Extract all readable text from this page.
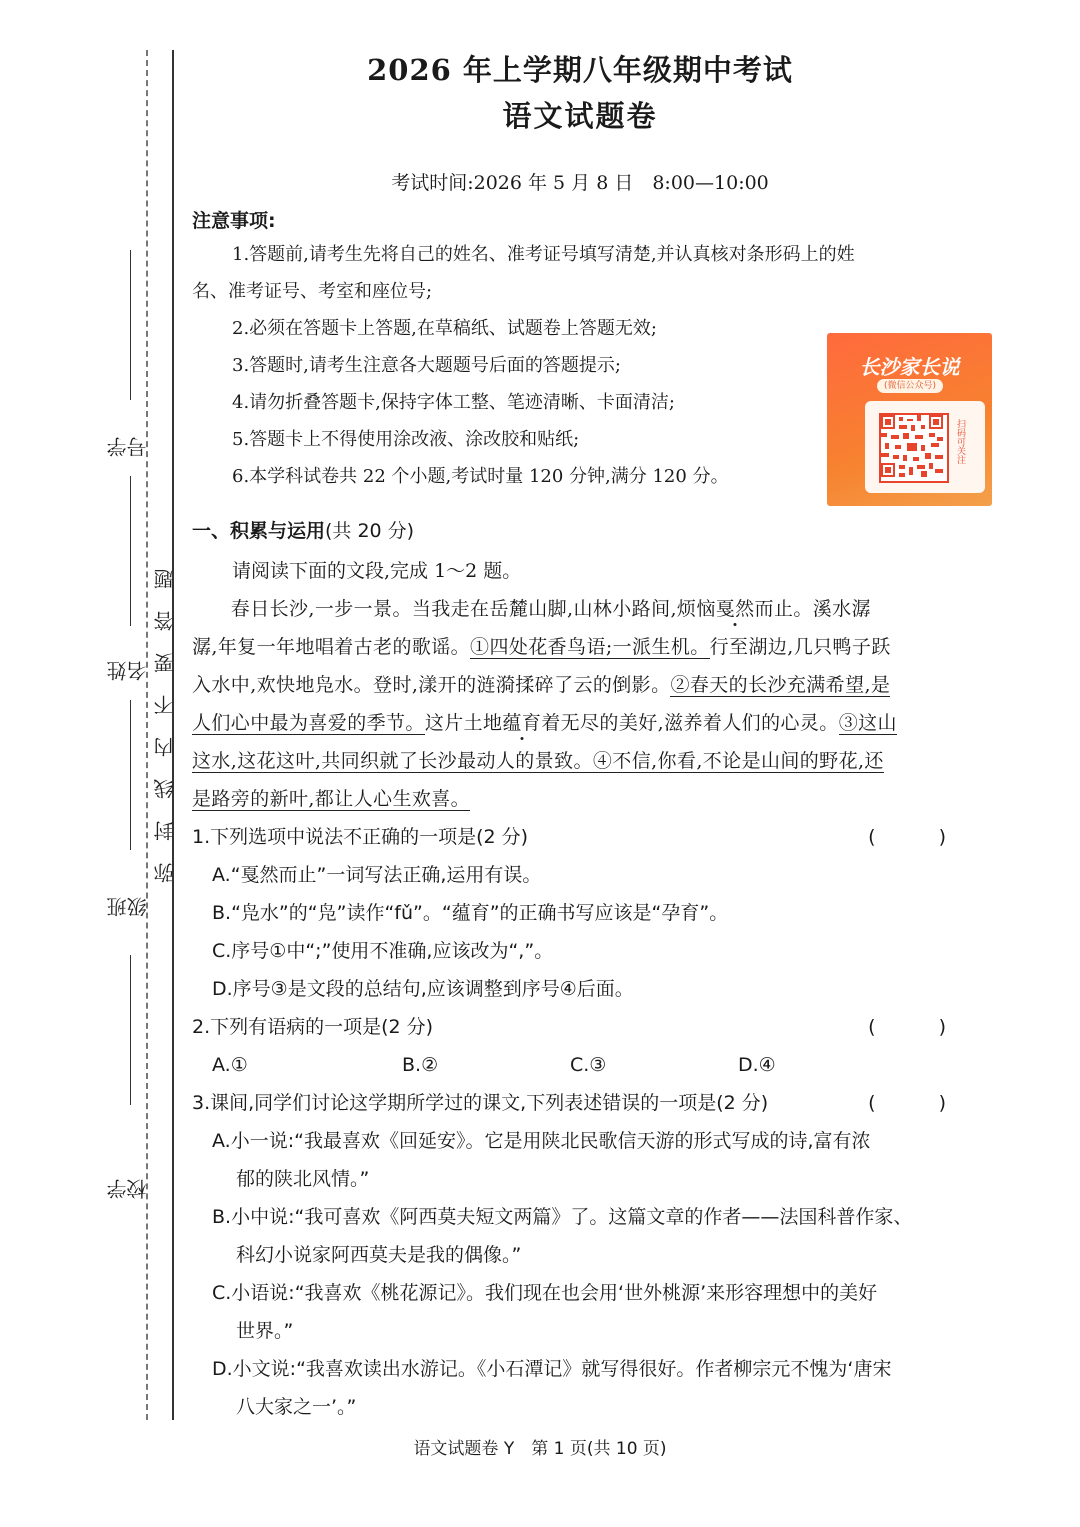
学号
姓名
班级
学校
弥封线内不要答题
2026 年上学期八年级期中考试
语文试题卷
考试时间:2026 年 5 月 8 日　8:00—10:00
注意事项:

1.答题前,请考生先将自己的姓名、准考证号填写清楚,并认真核对条形码上的姓

名、准考证号、考室和座位号;

2.必须在答题卡上答题,在草稿纸、试题卷上答题无效;

3.答题时,请考生注意各大题题号后面的答题提示;

4.请勿折叠答题卡,保持字体工整、笔迹清晰、卡面清洁;

5.答题卡上不得使用涂改液、涂改胶和贴纸;

6.本学科试卷共 22 个小题,考试时量 120 分钟,满分 120 分。

一、积累与运用(共 20 分)

请阅读下面的文段,完成 1～2 题。

　　春日长沙,一步一景。当我走在岳麓山脚,山林小路间,烦恼戛然而止。溪水潺
潺,年复一年地唱着古老的歌谣。①四处花香鸟语;一派生机。行至湖边,几只鸭子跃
入水中,欢快地凫水。登时,漾开的涟漪揉碎了云的倒影。②春天的长沙充满希望,是
人们心中最为喜爱的季节。这片土地蕴育着无尽的美好,滋养着人们的心灵。③这山
这水,这花这叶,共同织就了长沙最动人的景致。④不信,你看,不论是山间的野花,还
是路旁的新叶,都让人心生欢喜。
1.下列选项中说法不正确的一项是(2 分)	(　)
A.“戛然而止”一词写法正确,运用有误。
B.“凫水”的“凫”读作“fǔ”。“蕴育”的正确书写应该是“孕育”。
C.序号①中“;”使用不准确,应该改为“,”。
D.序号③是文段的总结句,应该调整到序号④后面。
2.下列有语病的一项是(2 分)	(　)
A.①	B.②	C.③	D.④
3.课间,同学们讨论这学期所学过的课文,下列表述错误的一项是(2 分)	(　)
A.小一说:“我最喜欢《回延安》。它是用陕北民歌信天游的形式写成的诗,富有浓
郁的陕北风情。”
B.小中说:“我可喜欢《阿西莫夫短文两篇》了。这篇文章的作者——法国科普作家、
科幻小说家阿西莫夫是我的偶像。”
C.小语说:“我喜欢《桃花源记》。我们现在也会用‘世外桃源’来形容理想中的美好
世界。”
D.小文说:“我喜欢读出水游记。《小石潭记》就写得很好。作者柳宗元不愧为‘唐宋
八大家之一’。”
长沙家长说
(微信公众号)
扫码可关注
语文试题卷 Y　第 1 页(共 10 页)
